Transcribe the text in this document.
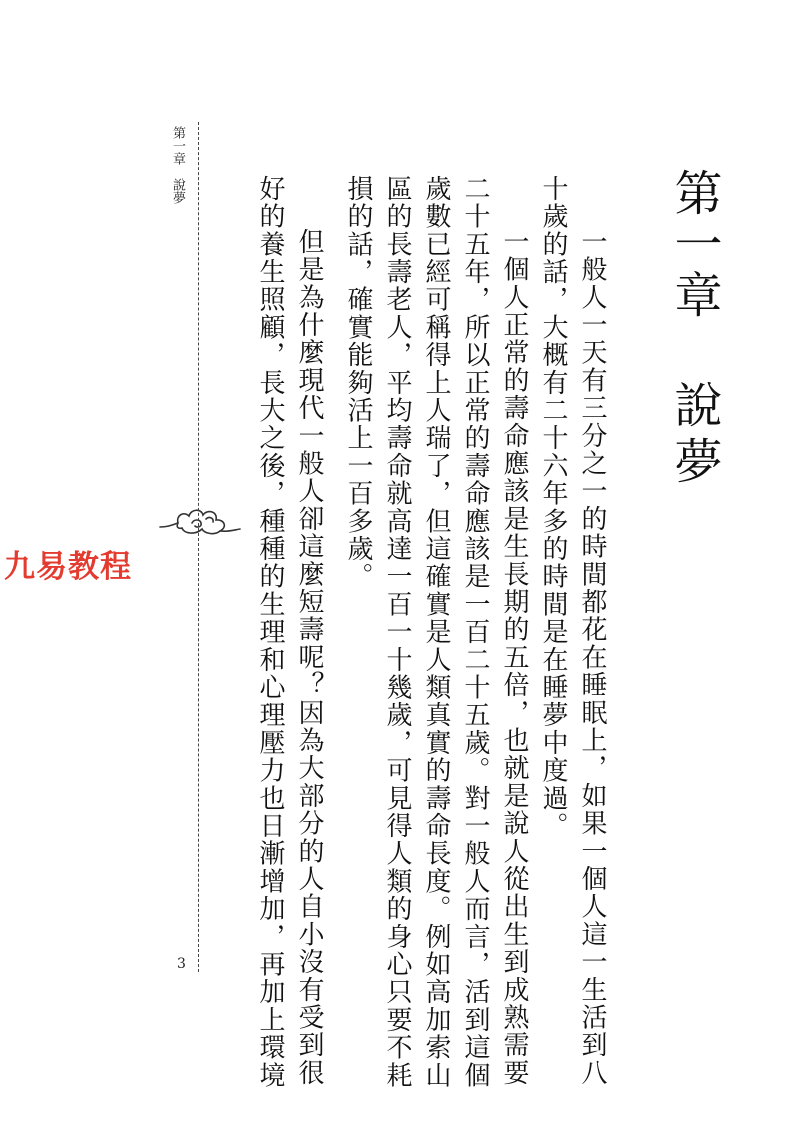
第一章
說夢
一般人一天有三分之一的時間都花在睡眠上，如果一個人這一生活到八
十歲的話，大概有二十六年多的時間是在睡夢中度過。
一個人正常的壽命應該是生長期的五倍，也就是說人從出生到成熟需要
二十五年，所以正常的壽命應該是一百二十五歲。對一般人而言，活到這個
歲數已經可稱得上人瑞了，但這確實是人類真實的壽命長度。例如高加索山
區的長壽老人，平均壽命就高達一百一十幾歲，可見得人類的身心只要不耗
損的話，確實能夠活上一百多歲。
但是為什麼現代一般人卻這麼短壽呢？因為大部分的人自小沒有受到很
好的養生照顧，長大之後，種種的生理和心理壓力也日漸增加，再加上環境
第一章　說夢
3
九易教程
